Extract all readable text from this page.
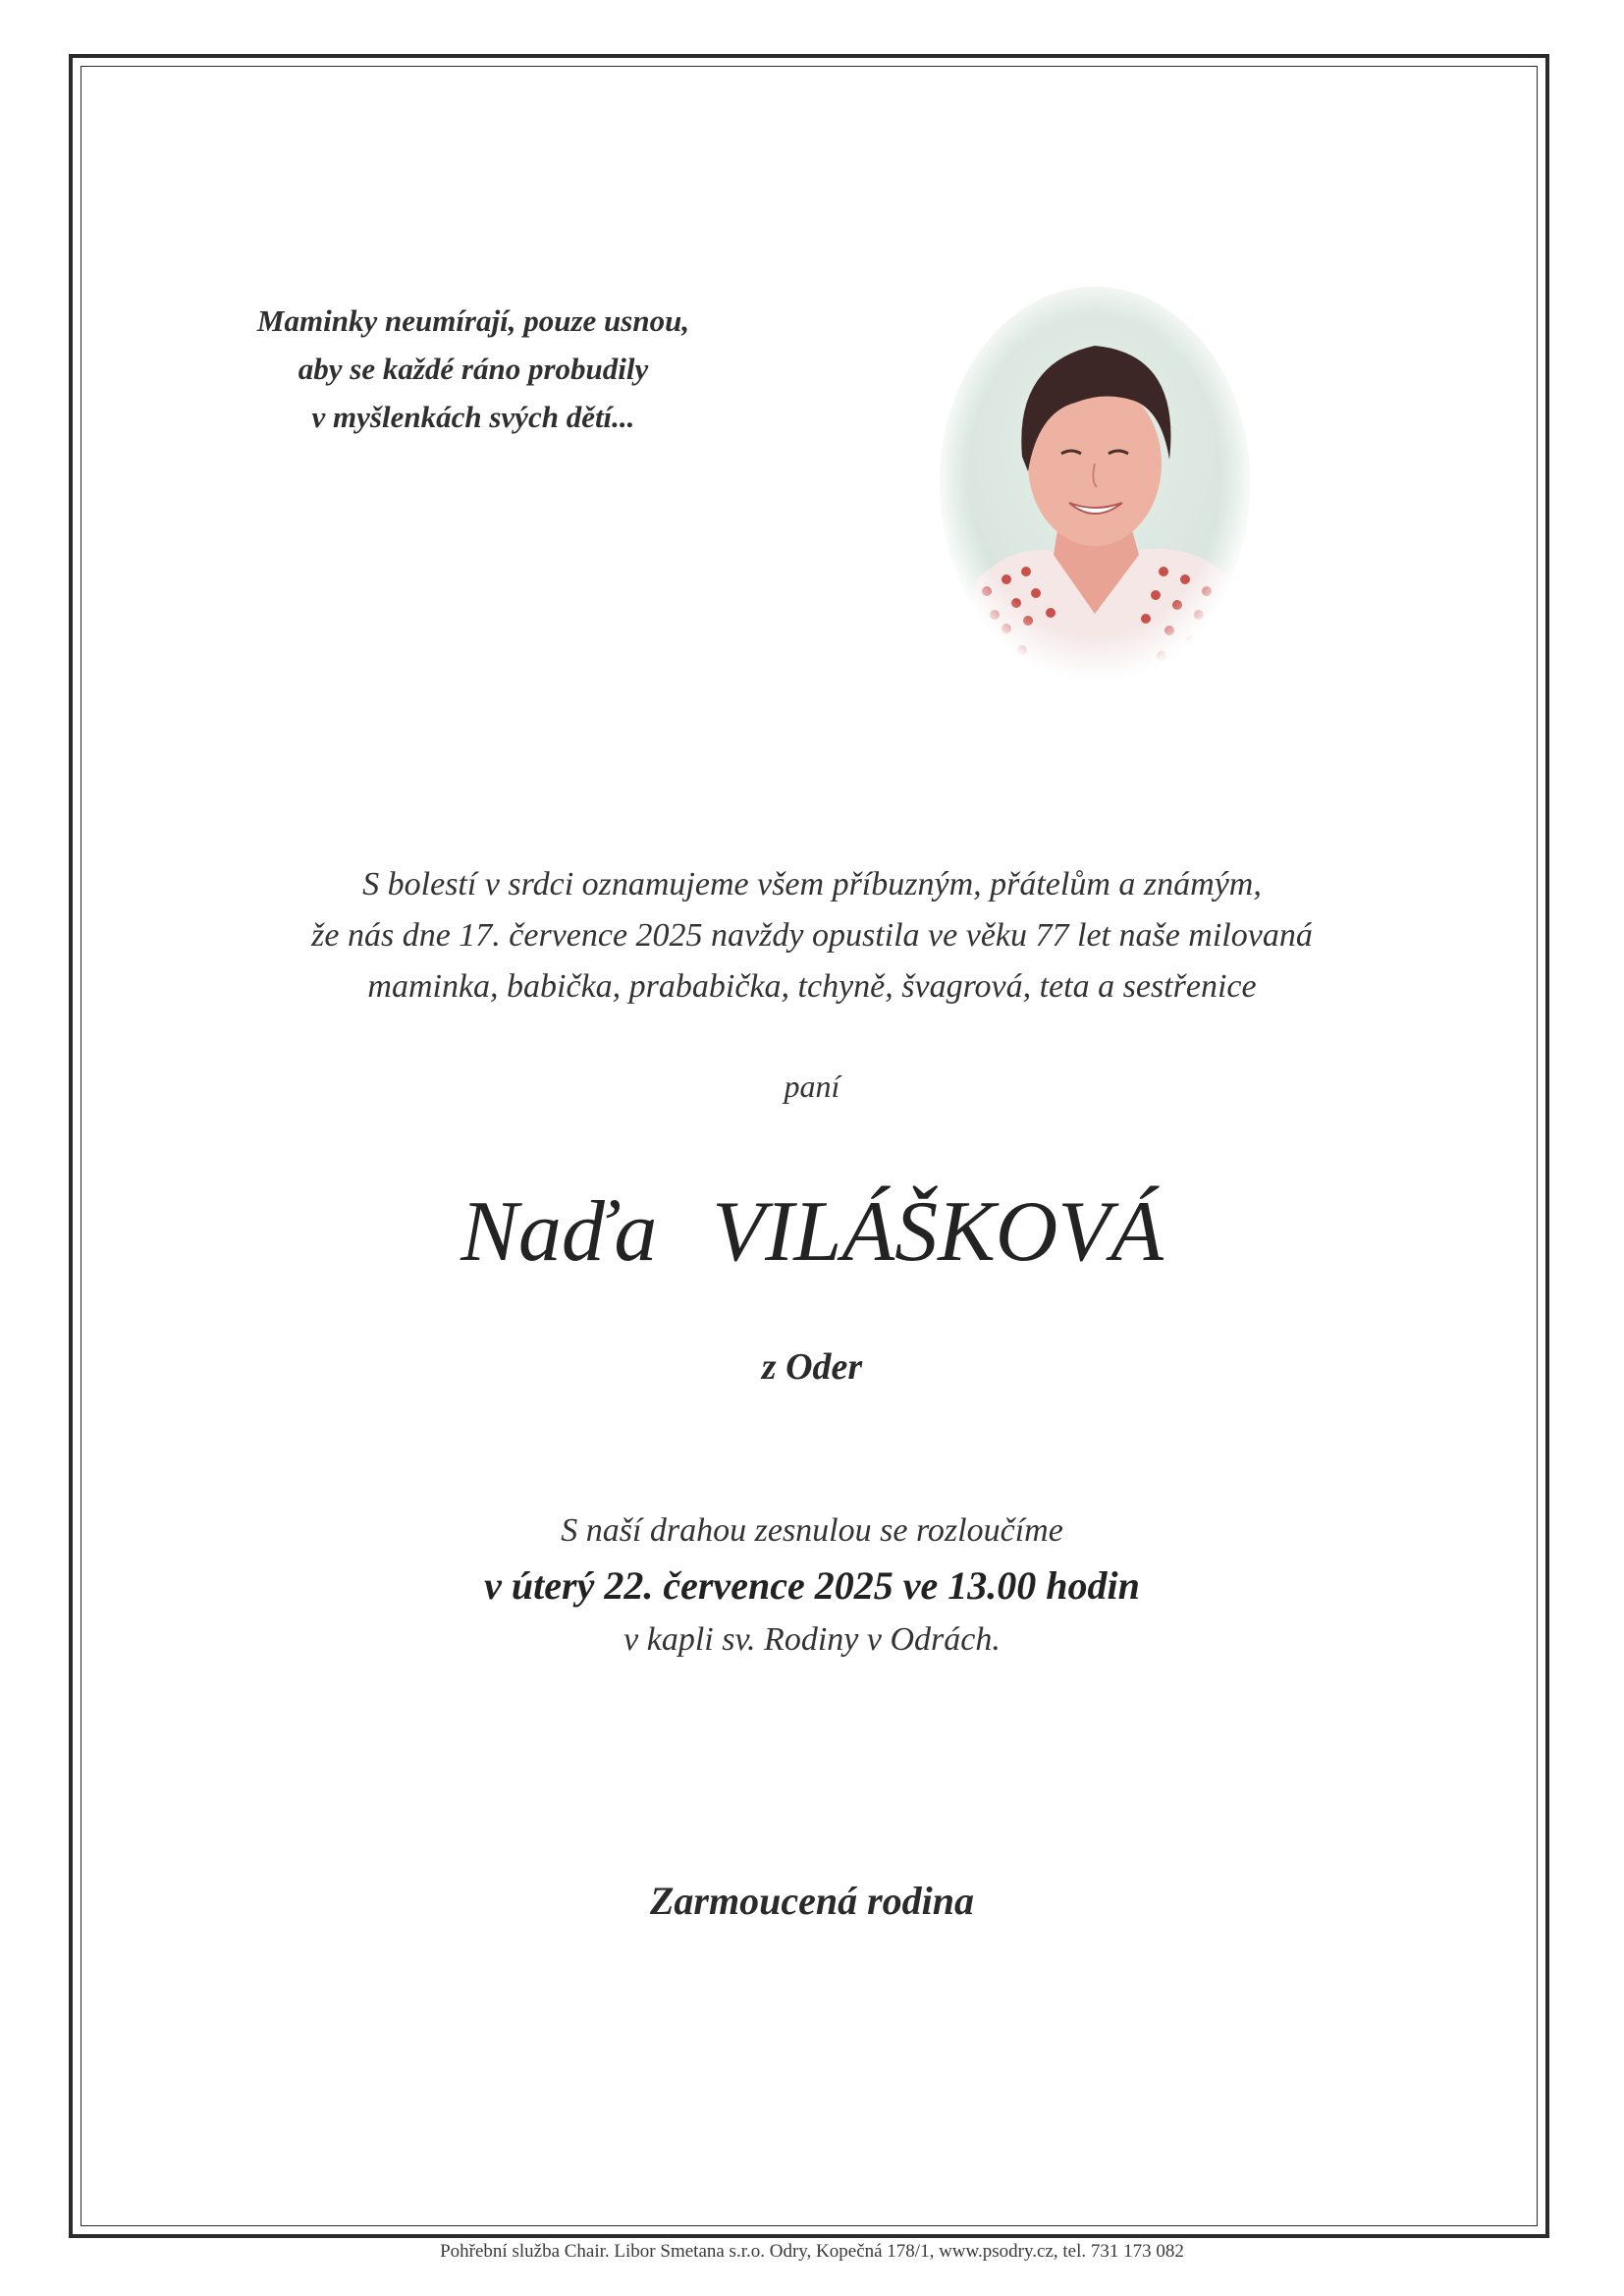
Maminky neumírají, pouze usnou,
aby se každé ráno probudily
v myšlenkách svých dětí...
S bolestí v srdci oznamujeme všem příbuzným, přátelům a známým,
že nás dne 17. července 2025 navždy opustila ve věku 77 let naše milovaná
maminka, babička, prababička, tchyně, švagrová, teta a sestřenice
paní
Naďa VILÁŠKOVÁ
z Oder
S naší drahou zesnulou se rozloučíme
v úterý 22. července 2025 ve 13.00 hodin
v kapli sv. Rodiny v Odrách.
Zarmoucená rodina
Pohřební služba Chair. Libor Smetana s.r.o. Odry, Kopečná 178/1, www.psodry.cz, tel. 731 173 082
